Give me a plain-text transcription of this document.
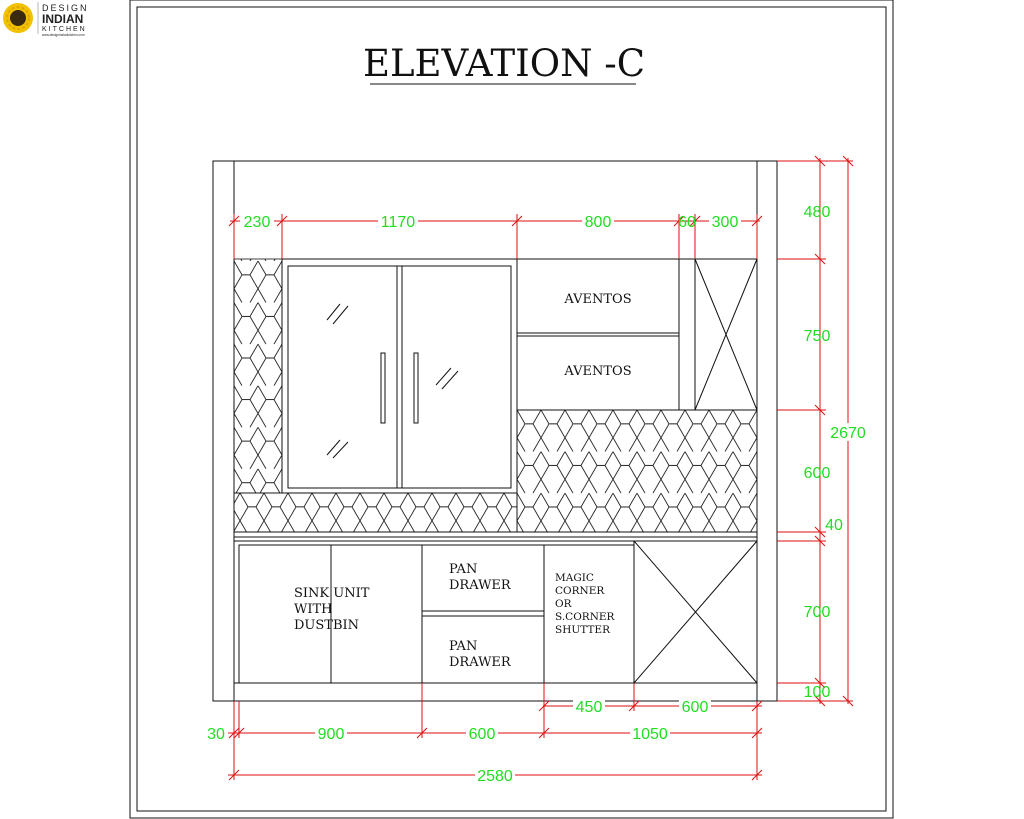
DESIGN
INDIAN
KITCHEN
www.designindiankitchen.com
ELEVATION -C
AVENTOS
AVENTOS
SINK UNIT
WITH
DUSTBIN
PAN
DRAWER
PAN
DRAWER
MAGIC
CORNER
OR
S.CORNER
SHUTTER
230	1170	800	60 300
480
750
600
40
700
100
2670
30	900	600	1050
450	600
2580
